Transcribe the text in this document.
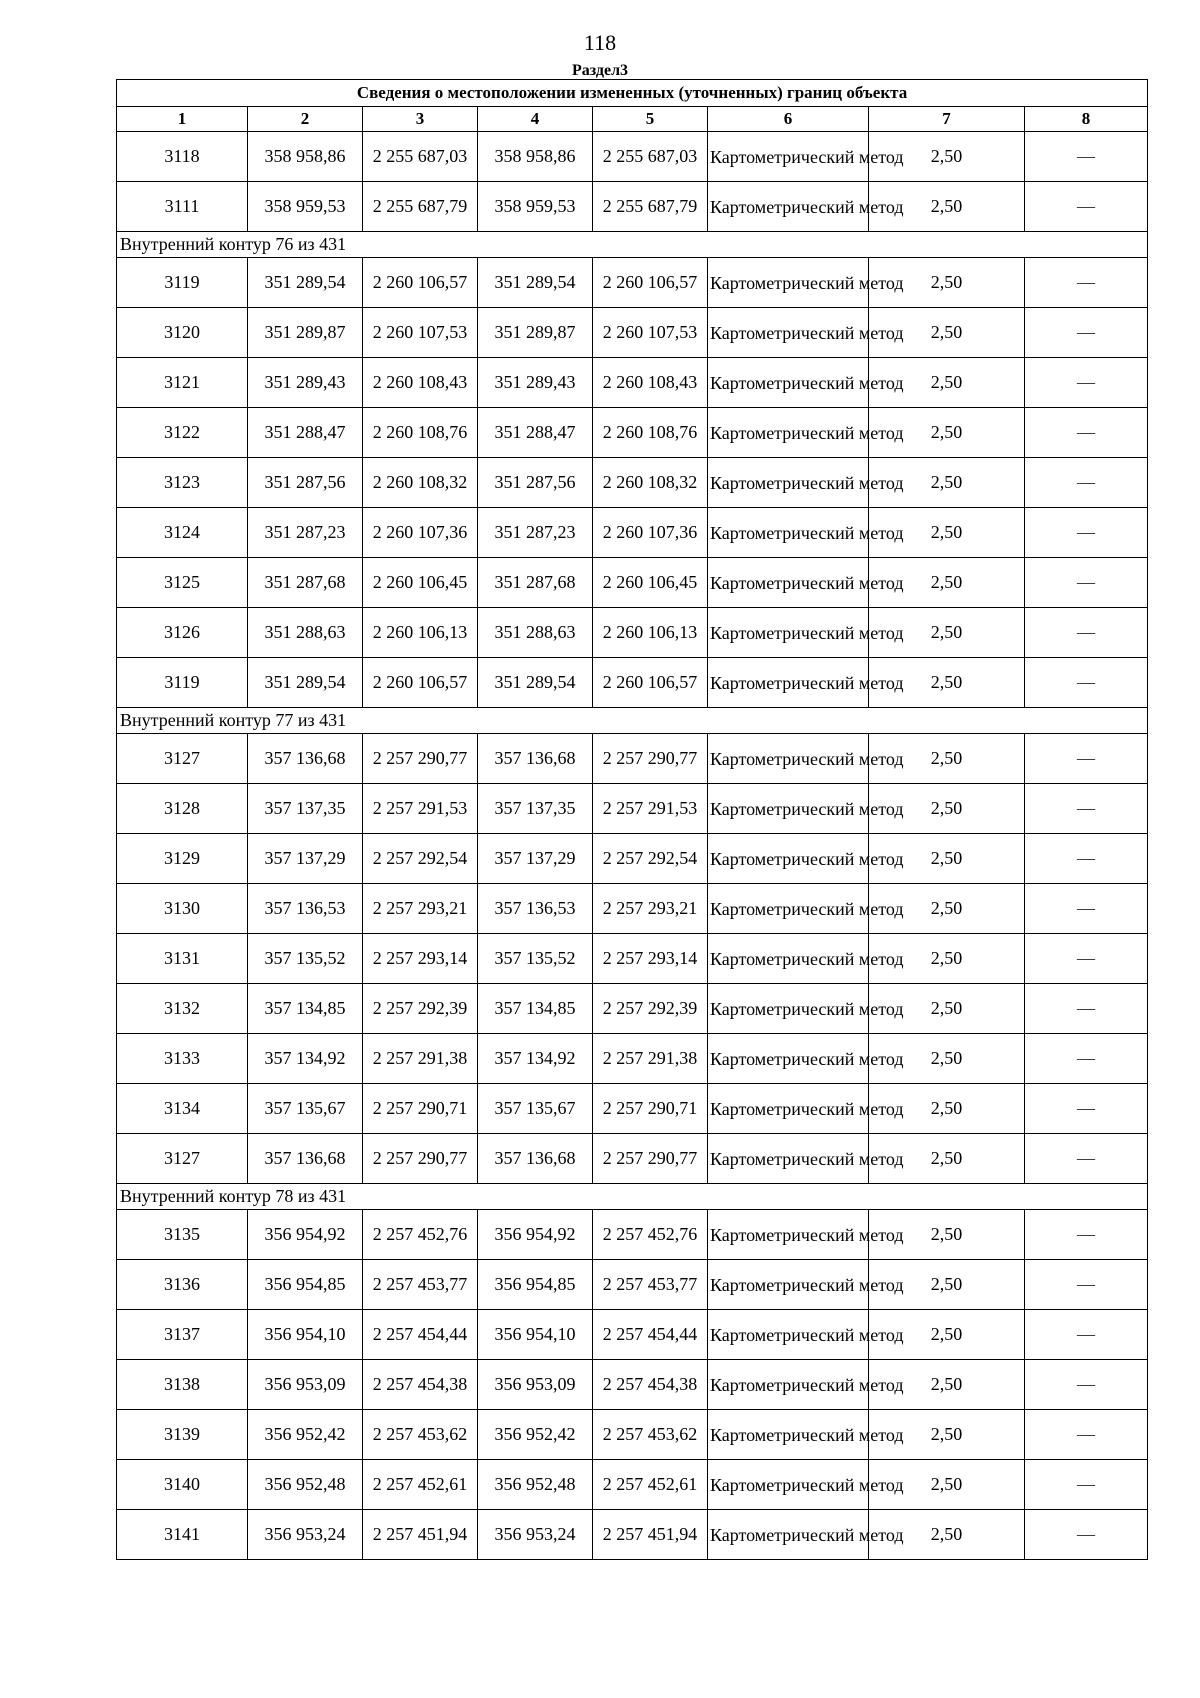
118
Раздел3
Сведения о местоположении измененных (уточненных) границ объекта							
1	2	3	4	5	6	7	8
3118	358 958,86	2 255 687,03	358 958,86	2 255 687,03	Картометрический метод	2,50	—
3111	358 959,53	2 255 687,79	358 959,53	2 255 687,79	Картометрический метод	2,50	—
Внутренний контур 76 из 431							
3119	351 289,54	2 260 106,57	351 289,54	2 260 106,57	Картометрический метод	2,50	—
3120	351 289,87	2 260 107,53	351 289,87	2 260 107,53	Картометрический метод	2,50	—
3121	351 289,43	2 260 108,43	351 289,43	2 260 108,43	Картометрический метод	2,50	—
3122	351 288,47	2 260 108,76	351 288,47	2 260 108,76	Картометрический метод	2,50	—
3123	351 287,56	2 260 108,32	351 287,56	2 260 108,32	Картометрический метод	2,50	—
3124	351 287,23	2 260 107,36	351 287,23	2 260 107,36	Картометрический метод	2,50	—
3125	351 287,68	2 260 106,45	351 287,68	2 260 106,45	Картометрический метод	2,50	—
3126	351 288,63	2 260 106,13	351 288,63	2 260 106,13	Картометрический метод	2,50	—
3119	351 289,54	2 260 106,57	351 289,54	2 260 106,57	Картометрический метод	2,50	—
Внутренний контур 77 из 431							
3127	357 136,68	2 257 290,77	357 136,68	2 257 290,77	Картометрический метод	2,50	—
3128	357 137,35	2 257 291,53	357 137,35	2 257 291,53	Картометрический метод	2,50	—
3129	357 137,29	2 257 292,54	357 137,29	2 257 292,54	Картометрический метод	2,50	—
3130	357 136,53	2 257 293,21	357 136,53	2 257 293,21	Картометрический метод	2,50	—
3131	357 135,52	2 257 293,14	357 135,52	2 257 293,14	Картометрический метод	2,50	—
3132	357 134,85	2 257 292,39	357 134,85	2 257 292,39	Картометрический метод	2,50	—
3133	357 134,92	2 257 291,38	357 134,92	2 257 291,38	Картометрический метод	2,50	—
3134	357 135,67	2 257 290,71	357 135,67	2 257 290,71	Картометрический метод	2,50	—
3127	357 136,68	2 257 290,77	357 136,68	2 257 290,77	Картометрический метод	2,50	—
Внутренний контур 78 из 431							
3135	356 954,92	2 257 452,76	356 954,92	2 257 452,76	Картометрический метод	2,50	—
3136	356 954,85	2 257 453,77	356 954,85	2 257 453,77	Картометрический метод	2,50	—
3137	356 954,10	2 257 454,44	356 954,10	2 257 454,44	Картометрический метод	2,50	—
3138	356 953,09	2 257 454,38	356 953,09	2 257 454,38	Картометрический метод	2,50	—
3139	356 952,42	2 257 453,62	356 952,42	2 257 453,62	Картометрический метод	2,50	—
3140	356 952,48	2 257 452,61	356 952,48	2 257 452,61	Картометрический метод	2,50	—
3141	356 953,24	2 257 451,94	356 953,24	2 257 451,94	Картометрический метод	2,50	—
